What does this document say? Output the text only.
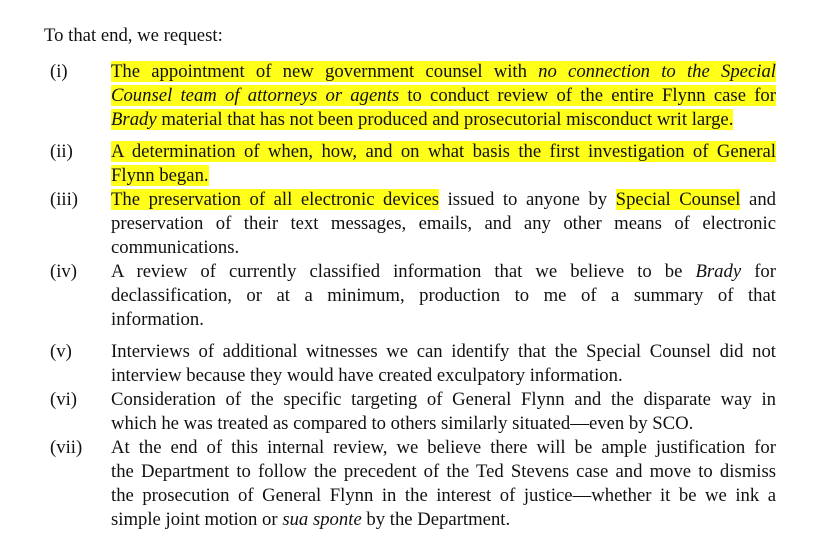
To that end, we request:
(i) The appointment of new government counsel with no connection to the Special
Counsel team of attorneys or agents to conduct review of the entire Flynn case for
Brady material that has not been produced and prosecutorial misconduct writ large.
(ii) A determination of when, how, and on what basis the first investigation of General
Flynn began.
(iii) The preservation of all electronic devices issued to anyone by Special Counsel and
preservation of their text messages, emails, and any other means of electronic
communications.
(iv) A review of currently classified information that we believe to be Brady for
declassification, or at a minimum, production to me of a summary of that
information.
(v) Interviews of additional witnesses we can identify that the Special Counsel did not
interview because they would have created exculpatory information.
(vi) Consideration of the specific targeting of General Flynn and the disparate way in
which he was treated as compared to others similarly situated—even by SCO.
(vii) At the end of this internal review, we believe there will be ample justification for
the Department to follow the precedent of the Ted Stevens case and move to dismiss
the prosecution of General Flynn in the interest of justice—whether it be we ink a
simple joint motion or sua sponte by the Department.
